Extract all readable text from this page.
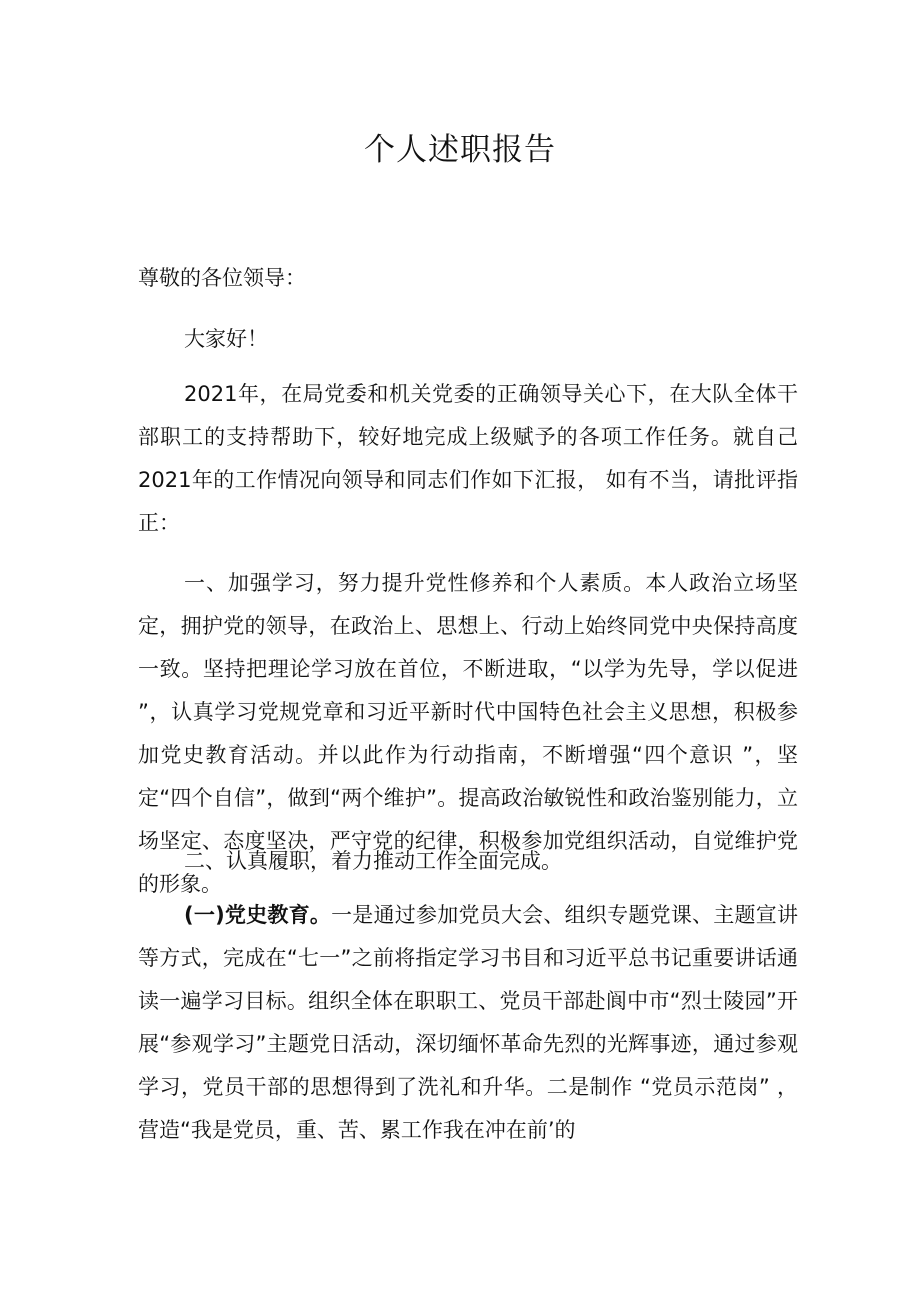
个人述职报告
尊敬的各位领导：
大家好！
2021年，在局党委和机关党委的正确领导关心下，在大队全体干部职工的支持帮助下，较好地完成上级赋予的各项工作任务。就自己2021年的工作情况向领导和同志们作如下汇报， 如有不当，请批评指正：
一、加强学习，努力提升党性修养和个人素质。本人政治立场坚定，拥护党的领导，在政治上、思想上、行动上始终同党中央保持高度一致。坚持把理论学习放在首位，不断进取，“以学为先导，学以促进 ”，认真学习党规党章和习近平新时代中国特色社会主义思想，积极参加党史教育活动。并以此作为行动指南，不断增强“四个意识 ”，坚定“四个自信”，做到“两个维护”。提高政治敏锐性和政治鉴别能力，立场坚定、态度坚决，严守党的纪律，积极参加党组织活动，自觉维护党的形象。
二、认真履职，着力推动工作全面完成。
(一)党史教育。一是通过参加党员大会、组织专题党课、主题宣讲等方式，完成在“七一”之前将指定学习书目和习近平总书记重要讲话通读一遍学习目标。组织全体在职职工、党员干部赴阆中市“烈士陵园”开展“参观学习”主题党日活动，深切缅怀革命先烈的光辉事迹，通过参观学习，党员干部的思想得到了洗礼和升华。二是制作 “党员示范岗” ，营造“我是党员，重、苦、累工作我在冲在前’的
